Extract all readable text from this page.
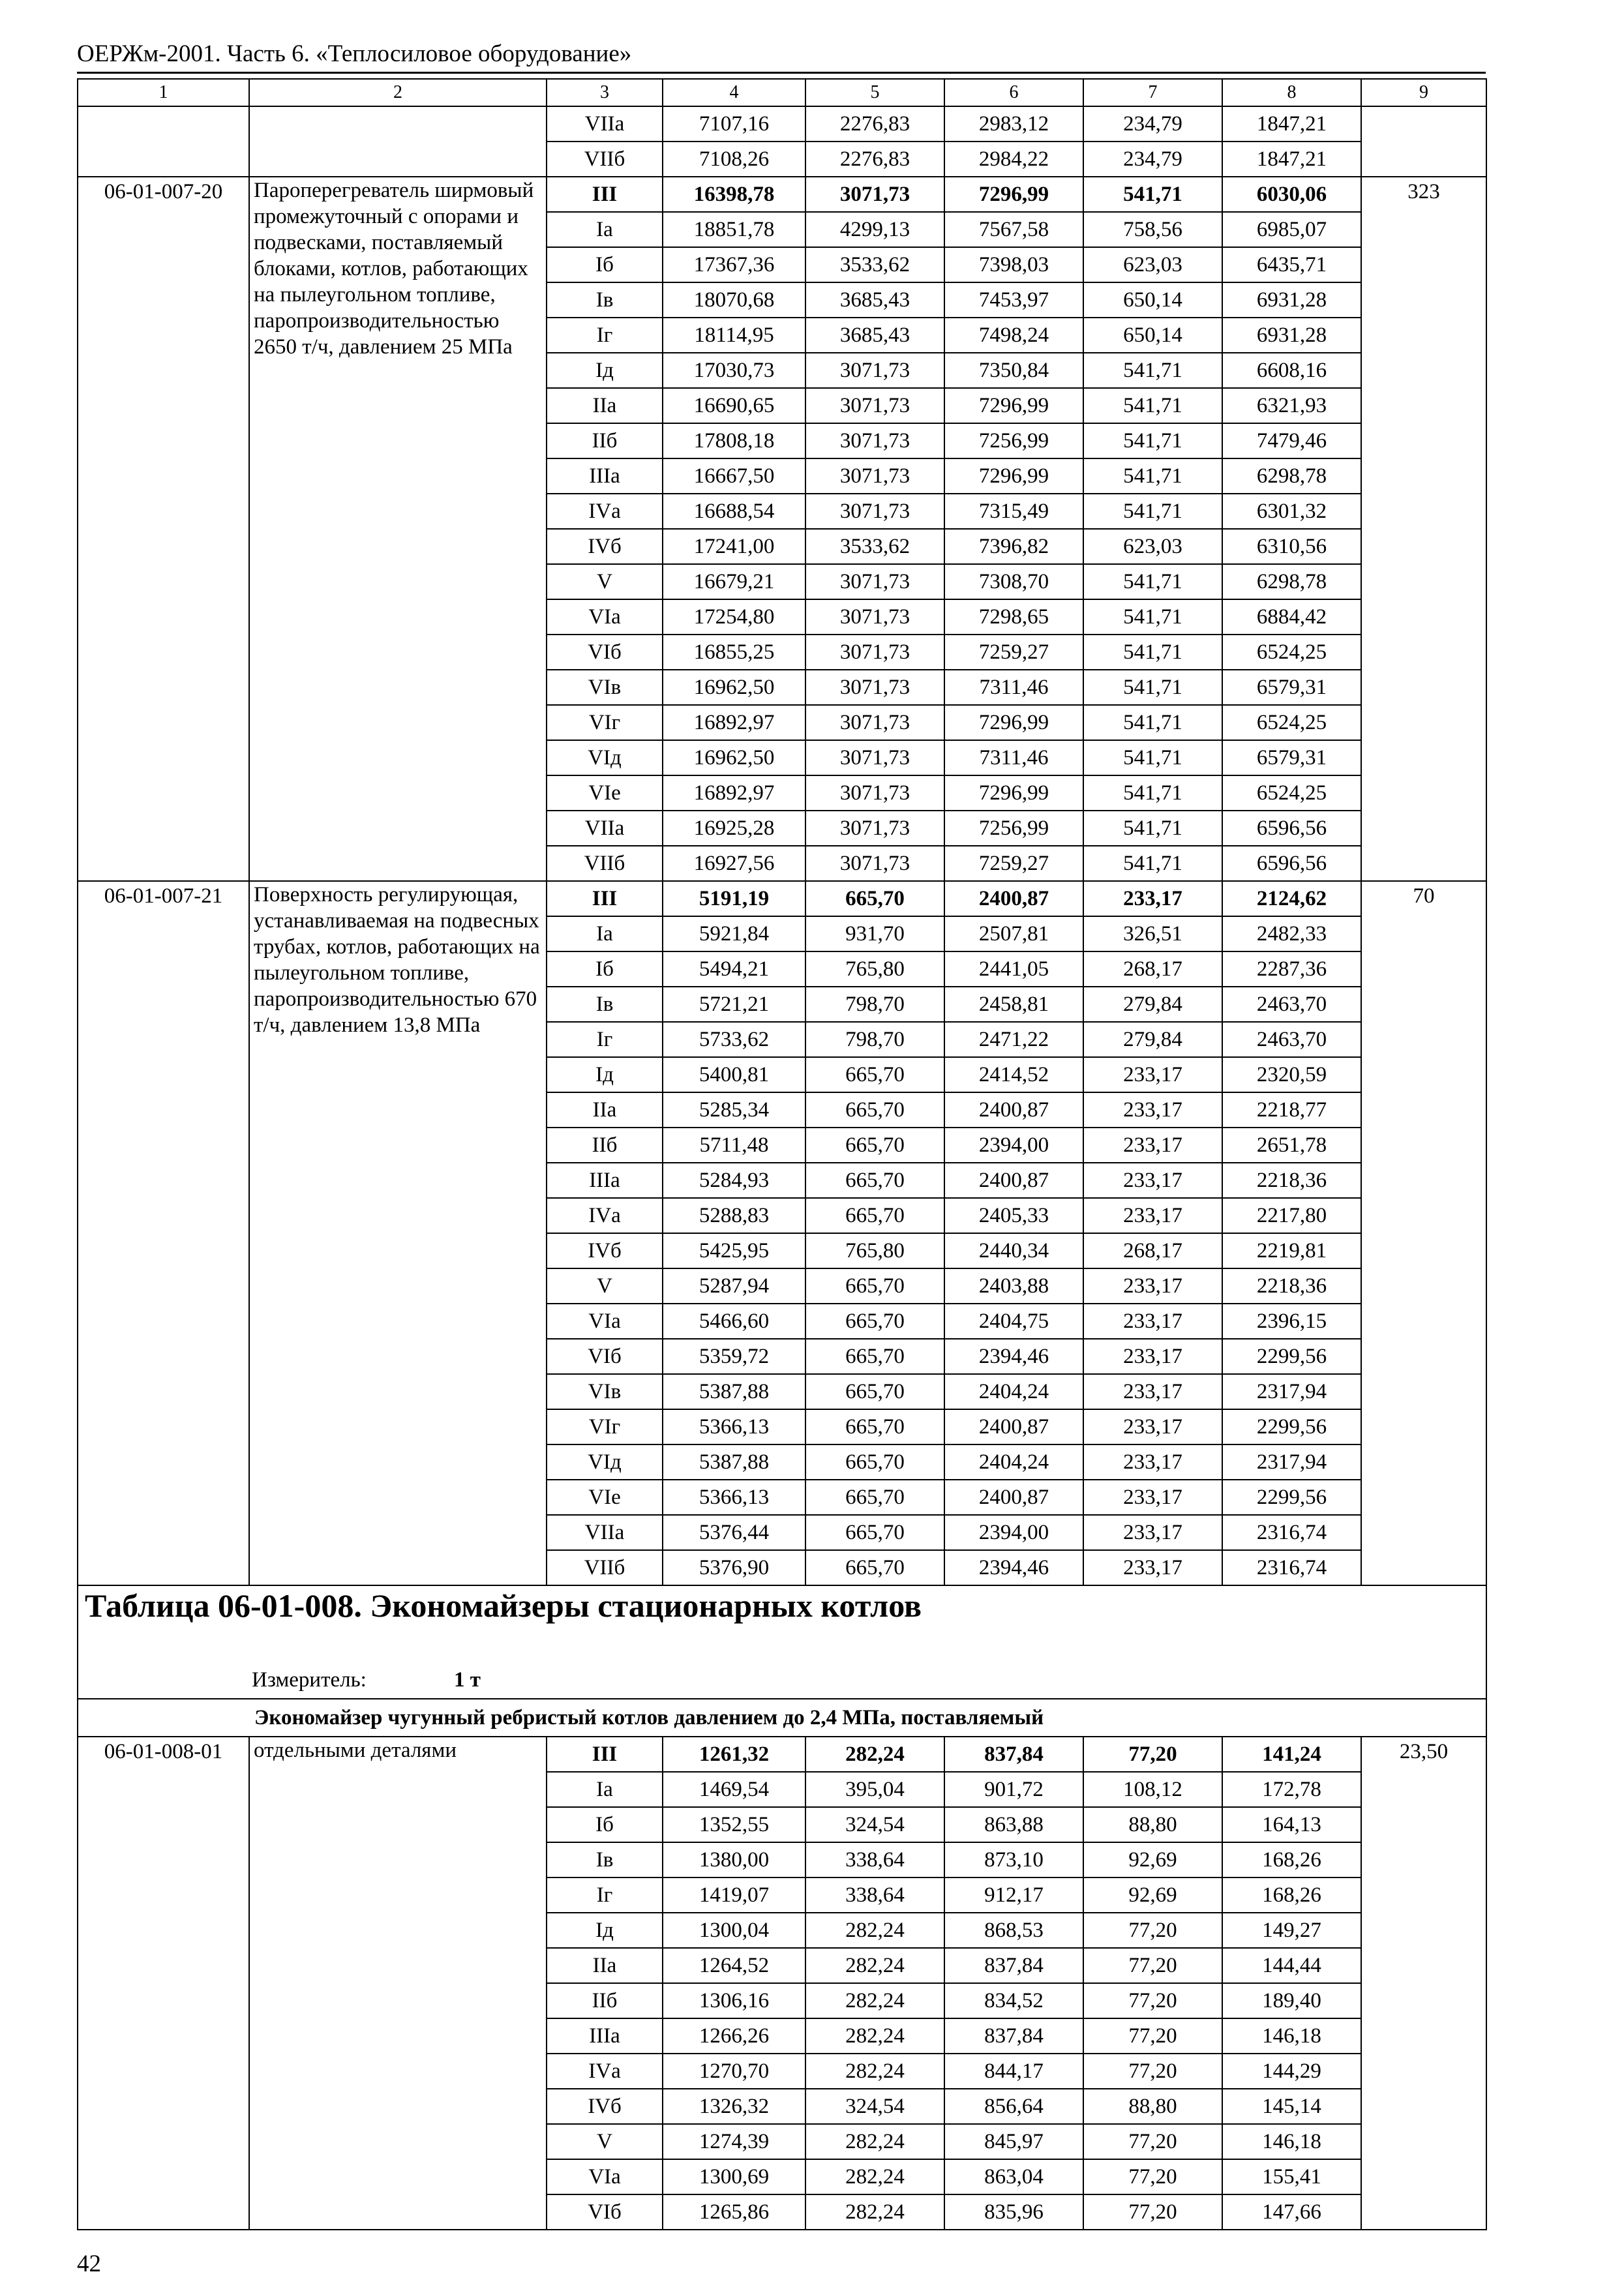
ОЕРЖм-2001. Часть 6. «Теплосиловое оборудование»
1	2	3	4	5	6	7	8	9
		VIIа	7107,16	2276,83	2983,12	234,79	1847,21	
		VIIб	7108,26	2276,83	2984,22	234,79	1847,21	
06-01-007-20	Пароперегреватель ширмовый промежуточный с опорами и подвесками, поставляемый блоками, котлов, работающих на пылеугольном топливе, паропроизводительностью 2650 т/ч, давлением 25 МПа	III	16398,78	3071,73	7296,99	541,71	6030,06	323
		Iа	18851,78	4299,13	7567,58	758,56	6985,07	
		Iб	17367,36	3533,62	7398,03	623,03	6435,71	
		Iв	18070,68	3685,43	7453,97	650,14	6931,28	
		Iг	18114,95	3685,43	7498,24	650,14	6931,28	
		Iд	17030,73	3071,73	7350,84	541,71	6608,16	
		IIа	16690,65	3071,73	7296,99	541,71	6321,93	
		IIб	17808,18	3071,73	7256,99	541,71	7479,46	
		IIIа	16667,50	3071,73	7296,99	541,71	6298,78	
		IVа	16688,54	3071,73	7315,49	541,71	6301,32	
		IVб	17241,00	3533,62	7396,82	623,03	6310,56	
		V	16679,21	3071,73	7308,70	541,71	6298,78	
		VIа	17254,80	3071,73	7298,65	541,71	6884,42	
		VIб	16855,25	3071,73	7259,27	541,71	6524,25	
		VIв	16962,50	3071,73	7311,46	541,71	6579,31	
		VIг	16892,97	3071,73	7296,99	541,71	6524,25	
		VIд	16962,50	3071,73	7311,46	541,71	6579,31	
		VIе	16892,97	3071,73	7296,99	541,71	6524,25	
		VIIа	16925,28	3071,73	7256,99	541,71	6596,56	
		VIIб	16927,56	3071,73	7259,27	541,71	6596,56	
06-01-007-21	Поверхность регулирующая, устанавливаемая на подвесных трубах, котлов, работающих на пылеугольном топливе, паропроизводительностью 670 т/ч, давлением 13,8 МПа	III	5191,19	665,70	2400,87	233,17	2124,62	70
		Iа	5921,84	931,70	2507,81	326,51	2482,33	
		Iб	5494,21	765,80	2441,05	268,17	2287,36	
		Iв	5721,21	798,70	2458,81	279,84	2463,70	
		Iг	5733,62	798,70	2471,22	279,84	2463,70	
		Iд	5400,81	665,70	2414,52	233,17	2320,59	
		IIа	5285,34	665,70	2400,87	233,17	2218,77	
		IIб	5711,48	665,70	2394,00	233,17	2651,78	
		IIIа	5284,93	665,70	2400,87	233,17	2218,36	
		IVа	5288,83	665,70	2405,33	233,17	2217,80	
		IVб	5425,95	765,80	2440,34	268,17	2219,81	
		V	5287,94	665,70	2403,88	233,17	2218,36	
		VIа	5466,60	665,70	2404,75	233,17	2396,15	
		VIб	5359,72	665,70	2394,46	233,17	2299,56	
		VIв	5387,88	665,70	2404,24	233,17	2317,94	
		VIг	5366,13	665,70	2400,87	233,17	2299,56	
		VIд	5387,88	665,70	2404,24	233,17	2317,94	
		VIе	5366,13	665,70	2400,87	233,17	2299,56	
		VIIа	5376,44	665,70	2394,00	233,17	2316,74	
		VIIб	5376,90	665,70	2394,46	233,17	2316,74	
Таблица 06-01-008. Экономайзеры стационарных котлов								
Измеритель: 1 т								
Экономайзер чугунный ребристый котлов давлением до 2,4 МПа, поставляемый								
06-01-008-01	отдельными деталями	III	1261,32	282,24	837,84	77,20	141,24	23,50
		Iа	1469,54	395,04	901,72	108,12	172,78	
		Iб	1352,55	324,54	863,88	88,80	164,13	
		Iв	1380,00	338,64	873,10	92,69	168,26	
		Iг	1419,07	338,64	912,17	92,69	168,26	
		Iд	1300,04	282,24	868,53	77,20	149,27	
		IIа	1264,52	282,24	837,84	77,20	144,44	
		IIб	1306,16	282,24	834,52	77,20	189,40	
		IIIа	1266,26	282,24	837,84	77,20	146,18	
		IVа	1270,70	282,24	844,17	77,20	144,29	
		IVб	1326,32	324,54	856,64	88,80	145,14	
		V	1274,39	282,24	845,97	77,20	146,18	
		VIа	1300,69	282,24	863,04	77,20	155,41	
		VIб	1265,86	282,24	835,96	77,20	147,66	
42
